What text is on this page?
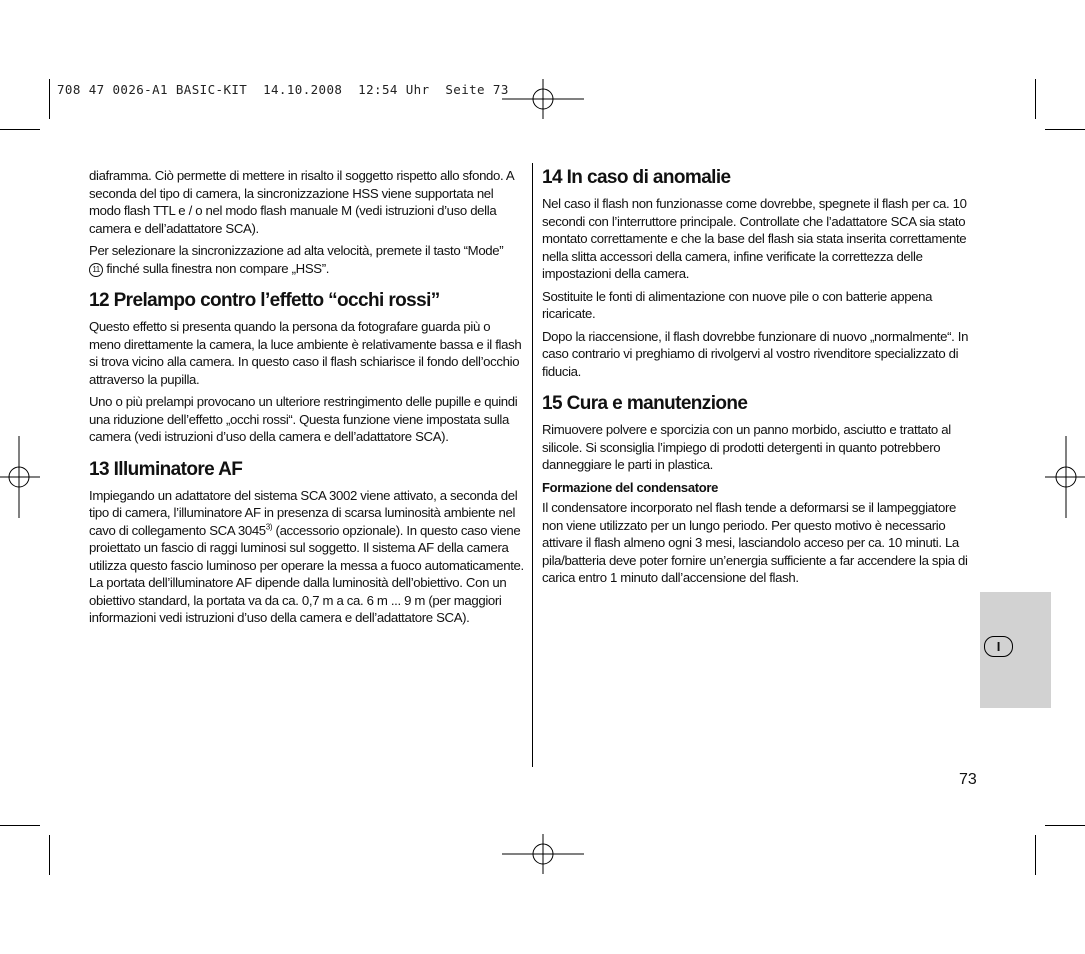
708 47 0026-A1 BASIC-KIT  14.10.2008  12:54 Uhr  Seite 73

diaframma. Ciò permette di mettere in risalto il soggetto rispetto allo sfondo. A seconda del tipo di camera, la sincronizzazione HSS viene supportata nel modo flash TTL e / o nel modo flash manuale M (vedi istruzioni d’uso della camera e dell’adattatore SCA).

Per selezionare la sincronizzazione ad alta velocità, premete il tasto “Mode”
11 finché sulla finestra non compare „HSS”.

12 Prelampo contro l’effetto “occhi rossi”

Questo effetto si presenta quando la persona da fotografare guarda più o meno direttamente la camera, la luce ambiente è relativamente bassa e il flash si trova vicino alla camera. In questo caso il flash schiarisce il fondo dell’occhio attraverso la pupilla.

Uno o più prelampi provocano un ulteriore restringimento delle pupille e quindi una riduzione dell’effetto „occhi rossi“. Questa funzione viene impostata sulla camera (vedi istruzioni d’uso della camera e dell’adattatore SCA).

13 Illuminatore AF

Impiegando un adattatore del sistema SCA 3002 viene attivato, a seconda del tipo di camera, l’illuminatore AF in presenza di scarsa luminosità ambiente nel cavo di collegamento SCA 3045$^{3)}$ (accessorio opzionale). In questo caso viene proiettato un fascio di raggi luminosi sul soggetto. Il sistema AF della camera utilizza questo fascio luminoso per operare la messa a fuoco automaticamente. La portata dell’illuminatore AF dipende dalla luminosità dell’obiettivo. Con un obiettivo standard, la portata va da ca. 0,7 m a ca. 6 m ... 9 m (per maggiori informazioni vedi istruzioni d’uso della camera e dell’adattatore SCA).

14 In caso di anomalie

Nel caso il flash non funzionasse come dovrebbe, spegnete il flash per ca. 10 secondi con l’interruttore principale. Controllate che l’adattatore SCA sia stato montato correttamente e che la base del flash sia stata inserita correttamente nella slitta accessori della camera, infine verificate la correttezza delle impostazioni della camera.

Sostituite le fonti di alimentazione con nuove pile o con batterie appena ricaricate.

Dopo la riaccensione, il flash dovrebbe funzionare di nuovo „normalmente“. In caso contrario vi preghiamo di rivolgervi al vostro rivenditore specializzato di fiducia.

15 Cura e manutenzione

Rimuovere polvere e sporcizia con un panno morbido, asciutto e trattato al silicole. Si sconsiglia l’impiego di prodotti detergenti in quanto potrebbero danneggiare le parti in plastica.

Formazione del condensatore

Il condensatore incorporato nel flash tende a deformarsi se il lampeggiatore non viene utilizzato per un lungo periodo. Per questo motivo è necessario attivare il flash almeno ogni 3 mesi, lasciandolo acceso per ca. 10 minuti. La pila/batteria deve poter fornire un’energia sufficiente a far accendere la spia di carica entro 1 minuto dall’accensione del flash.

I
73
